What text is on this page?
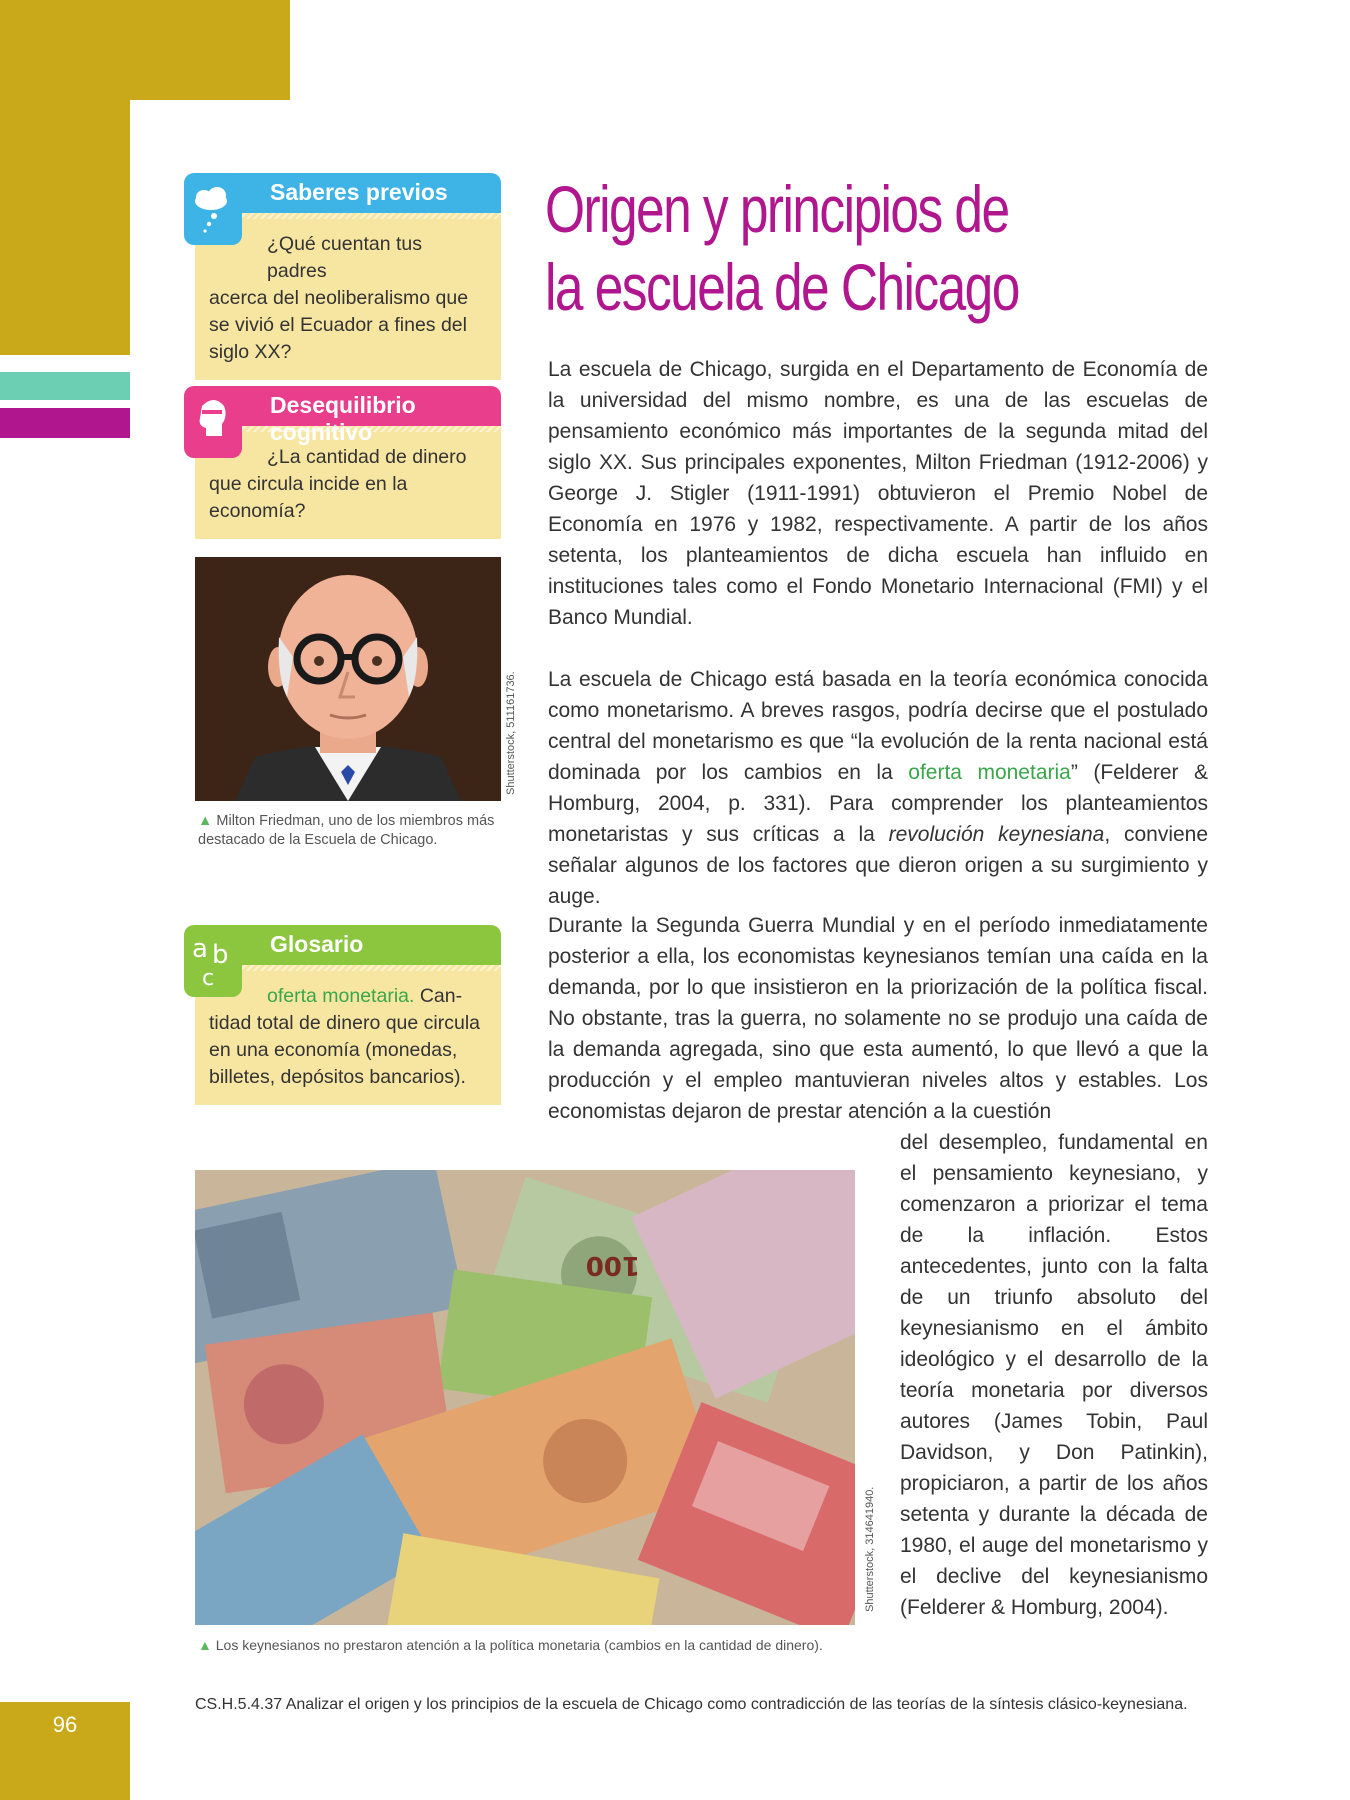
96
Saberes previos
¿Qué cuentan tus padres
acerca del neoliberalismo que se vivió el Ecuador a fines del siglo XX?
Desequilibrio cognitivo
¿La cantidad de dinero
que circula incide en la economía?
Shutterstock, 511161736.
▲ Milton Friedman, uno de los miembros más destacado de la Escuela de Chicago.
a b
c
Glosario
oferta monetaria. Can-
tidad total de dinero que circula en una economía (monedas, billetes, depósitos bancarios).
Origen y principios de
la escuela de Chicago

La escuela de Chicago, surgida en el Departamento de Economía de la universidad del mismo nombre, es una de las escuelas de pensamiento económico más importantes de la segunda mitad del siglo XX. Sus principales exponentes, Milton Friedman (1912-2006) y George J. Stigler (1911-1991) obtuvieron el Premio Nobel de Economía en 1976 y 1982, respectivamente. A partir de los años setenta, los planteamientos de dicha escuela han influido en instituciones tales como el Fondo Monetario Internacional (FMI) y el Banco Mundial.

La escuela de Chicago está basada en la teoría económica conocida como monetarismo. A breves rasgos, podría decirse que el postulado central del monetarismo es que “la evolución de la renta nacional está dominada por los cambios en la oferta monetaria” (Felderer & Homburg, 2004, p. 331). Para comprender los planteamientos monetaristas y sus críticas a la revolución keynesiana, conviene señalar algunos de los factores que dieron origen a su surgimiento y auge.

Durante la Segunda Guerra Mundial y en el período inmediatamente posterior a ella, los economistas keynesianos temían una caída en la demanda, por lo que insistieron en la priorización de la política fiscal. No obstante, tras la guerra, no solamente no se produjo una caída de la demanda agregada, sino que esta aumentó, lo que llevó a que la producción y el empleo mantuvieran niveles altos y estables. Los economistas dejaron de prestar atención a la cuestión

del desempleo, fundamental en el pensamiento keynesiano, y comenzaron a priorizar el tema de la inflación. Estos antecedentes, junto con la falta de un triunfo absoluto del keynesianismo en el ámbito ideológico y el desarrollo de la teoría monetaria por diversos autores (James Tobin, Paul Davidson, y Don Patinkin), propiciaron, a partir de los años setenta y durante la década de 1980, el auge del monetarismo y el declive del keynesianismo (Felderer & Homburg, 2004).

100
Shutterstock, 314641940.
▲ Los keynesianos no prestaron atención a la política monetaria (cambios en la cantidad de dinero).
CS.H.5.4.37 Analizar el origen y los principios de la escuela de Chicago como contradicción de las teorías de la síntesis clásico-keynesiana.
